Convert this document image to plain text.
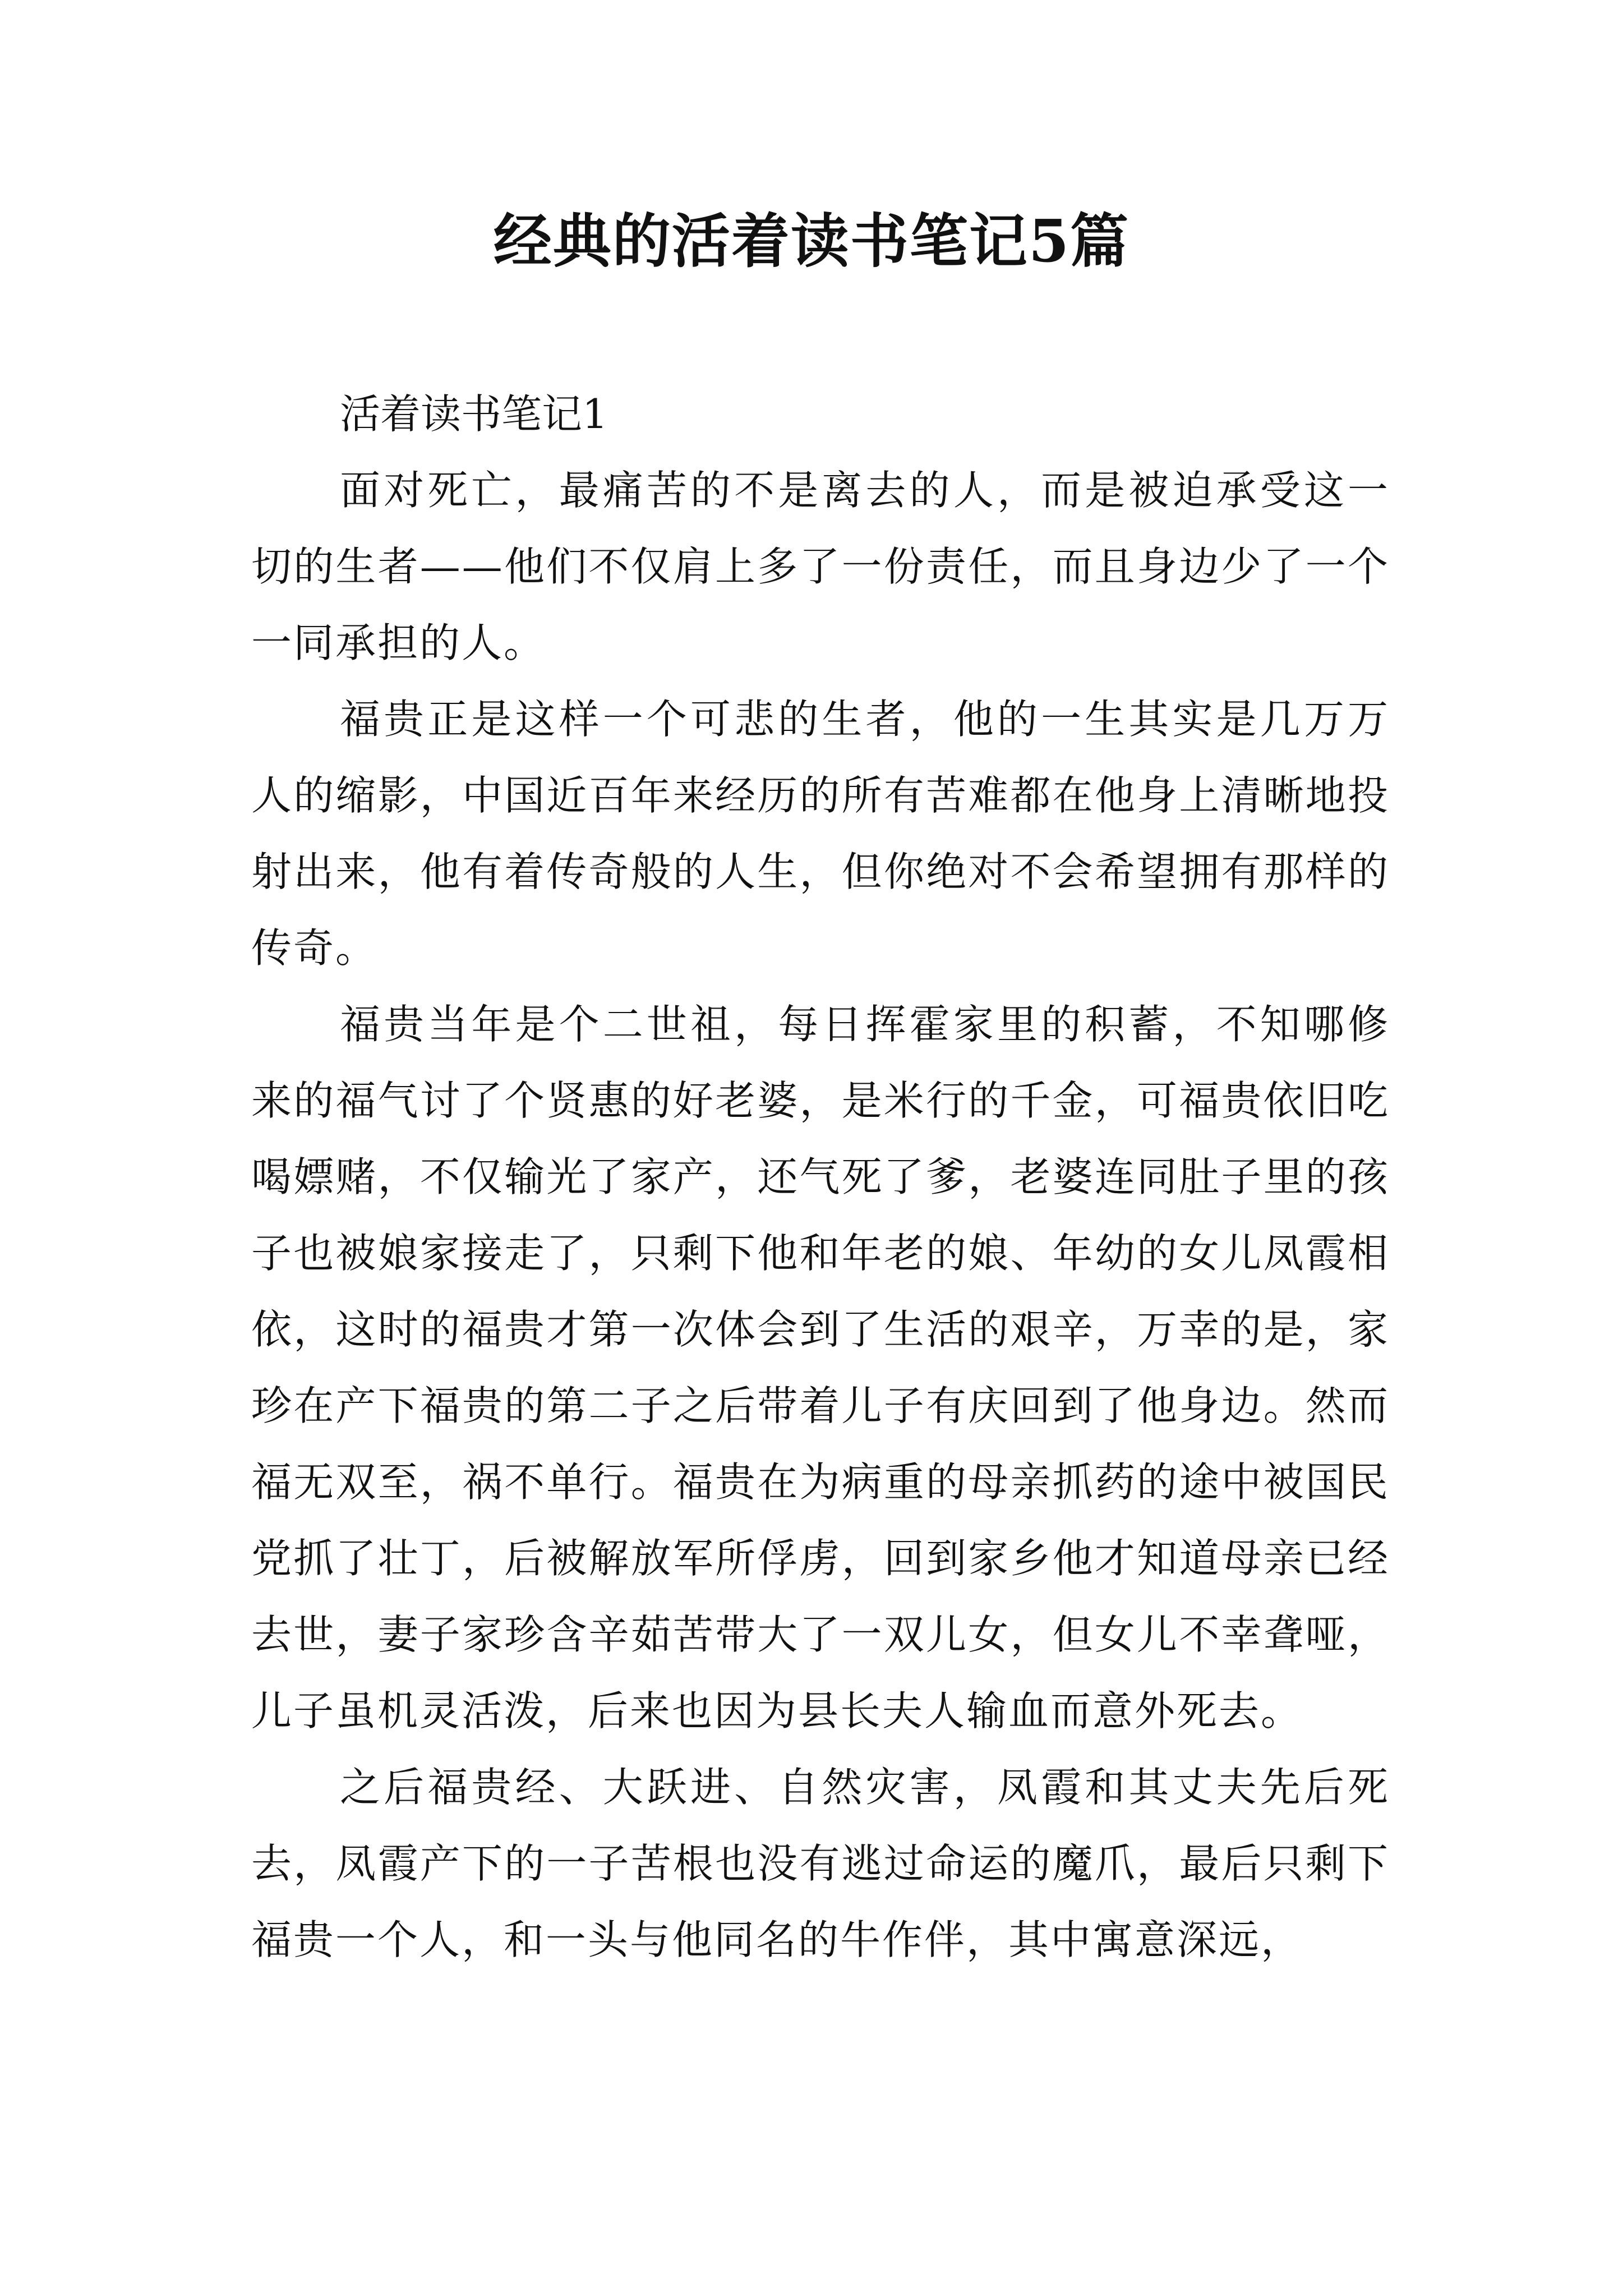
经典的活着读书笔记5篇

活着读书笔记1

面对死亡，最痛苦的不是离去的人，而是被迫承受这一切的生者——他们不仅肩上多了一份责任，而且身边少了一个一同承担的人。

福贵正是这样一个可悲的生者，他的一生其实是几万万人的缩影，中国近百年来经历的所有苦难都在他身上清晰地投射出来，他有着传奇般的人生，但你绝对不会希望拥有那样的传奇。

福贵当年是个二世祖，每日挥霍家里的积蓄，不知哪修来的福气讨了个贤惠的好老婆，是米行的千金，可福贵依旧吃喝嫖赌，不仅输光了家产，还气死了爹，老婆连同肚子里的孩子也被娘家接走了，只剩下他和年老的娘、年幼的女儿凤霞相依，这时的福贵才第一次体会到了生活的艰辛，万幸的是，家珍在产下福贵的第二子之后带着儿子有庆回到了他身边。然而福无双至，祸不单行。福贵在为病重的母亲抓药的途中被国民党抓了壮丁，后被解放军所俘虏，回到家乡他才知道母亲已经去世，妻子家珍含辛茹苦带大了一双儿女，但女儿不幸聋哑，儿子虽机灵活泼，后来也因为县长夫人输血而意外死去。

之后福贵经、大跃进、自然灾害，凤霞和其丈夫先后死去，凤霞产下的一子苦根也没有逃过命运的魔爪，最后只剩下福贵一个人，和一头与他同名的牛作伴，其中寓意深远，
